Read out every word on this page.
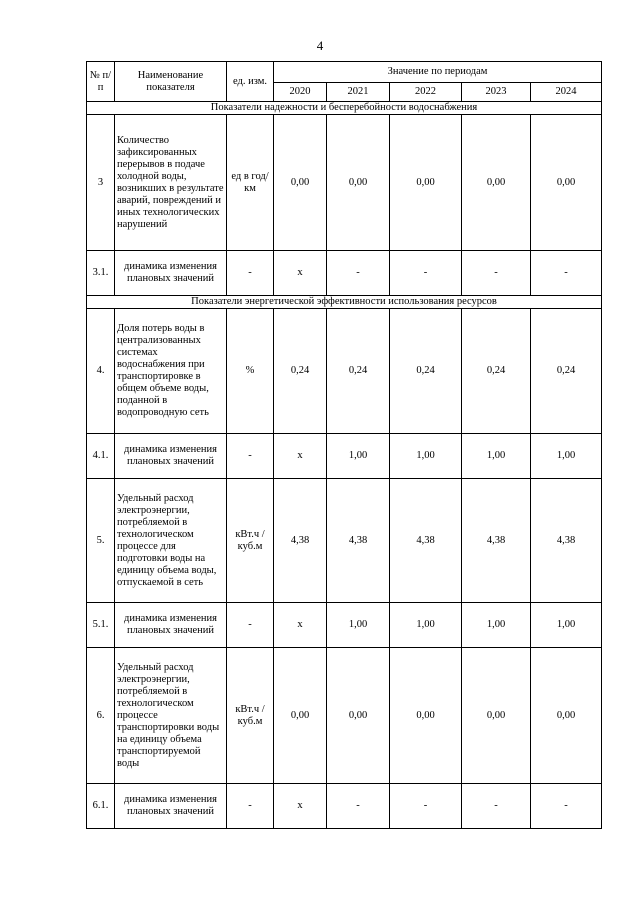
4
№ п/п	Наименование показателя	ед. изм.	Значение по периодам				
			2020	2021	2022	2023	2024
Показатели надежности и бесперебойности водоснабжения							
3	Количество зафиксированных перерывов в подаче холодной воды, возникших в результате аварий, повреждений и иных технологических нарушений	ед в год/ км	0,00	0,00	0,00	0,00	0,00
3.1.	динамика изменения плановых значений	-	х	-	-	-	-
Показатели энергетической эффективности использования ресурсов							
4.	Доля потерь воды в централизованных системах водоснабжения при транспортировке в общем объеме воды, поданной в водопроводную сеть	%	0,24	0,24	0,24	0,24	0,24
4.1.	динамика изменения плановых значений	-	х	1,00	1,00	1,00	1,00
5.	Удельный расход электроэнергии, потребляемой в технологическом процессе для подготовки воды на единицу объема воды, отпускаемой в сеть	кВт.ч / куб.м	4,38	4,38	4,38	4,38	4,38
5.1.	динамика изменения плановых значений	-	х	1,00	1,00	1,00	1,00
6.	Удельный расход электроэнергии, потребляемой в технологическом процессе транспортировки воды на единицу объема транспортируемой воды	кВт.ч / куб.м	0,00	0,00	0,00	0,00	0,00
6.1.	динамика изменения плановых значений	-	х	-	-	-	-
